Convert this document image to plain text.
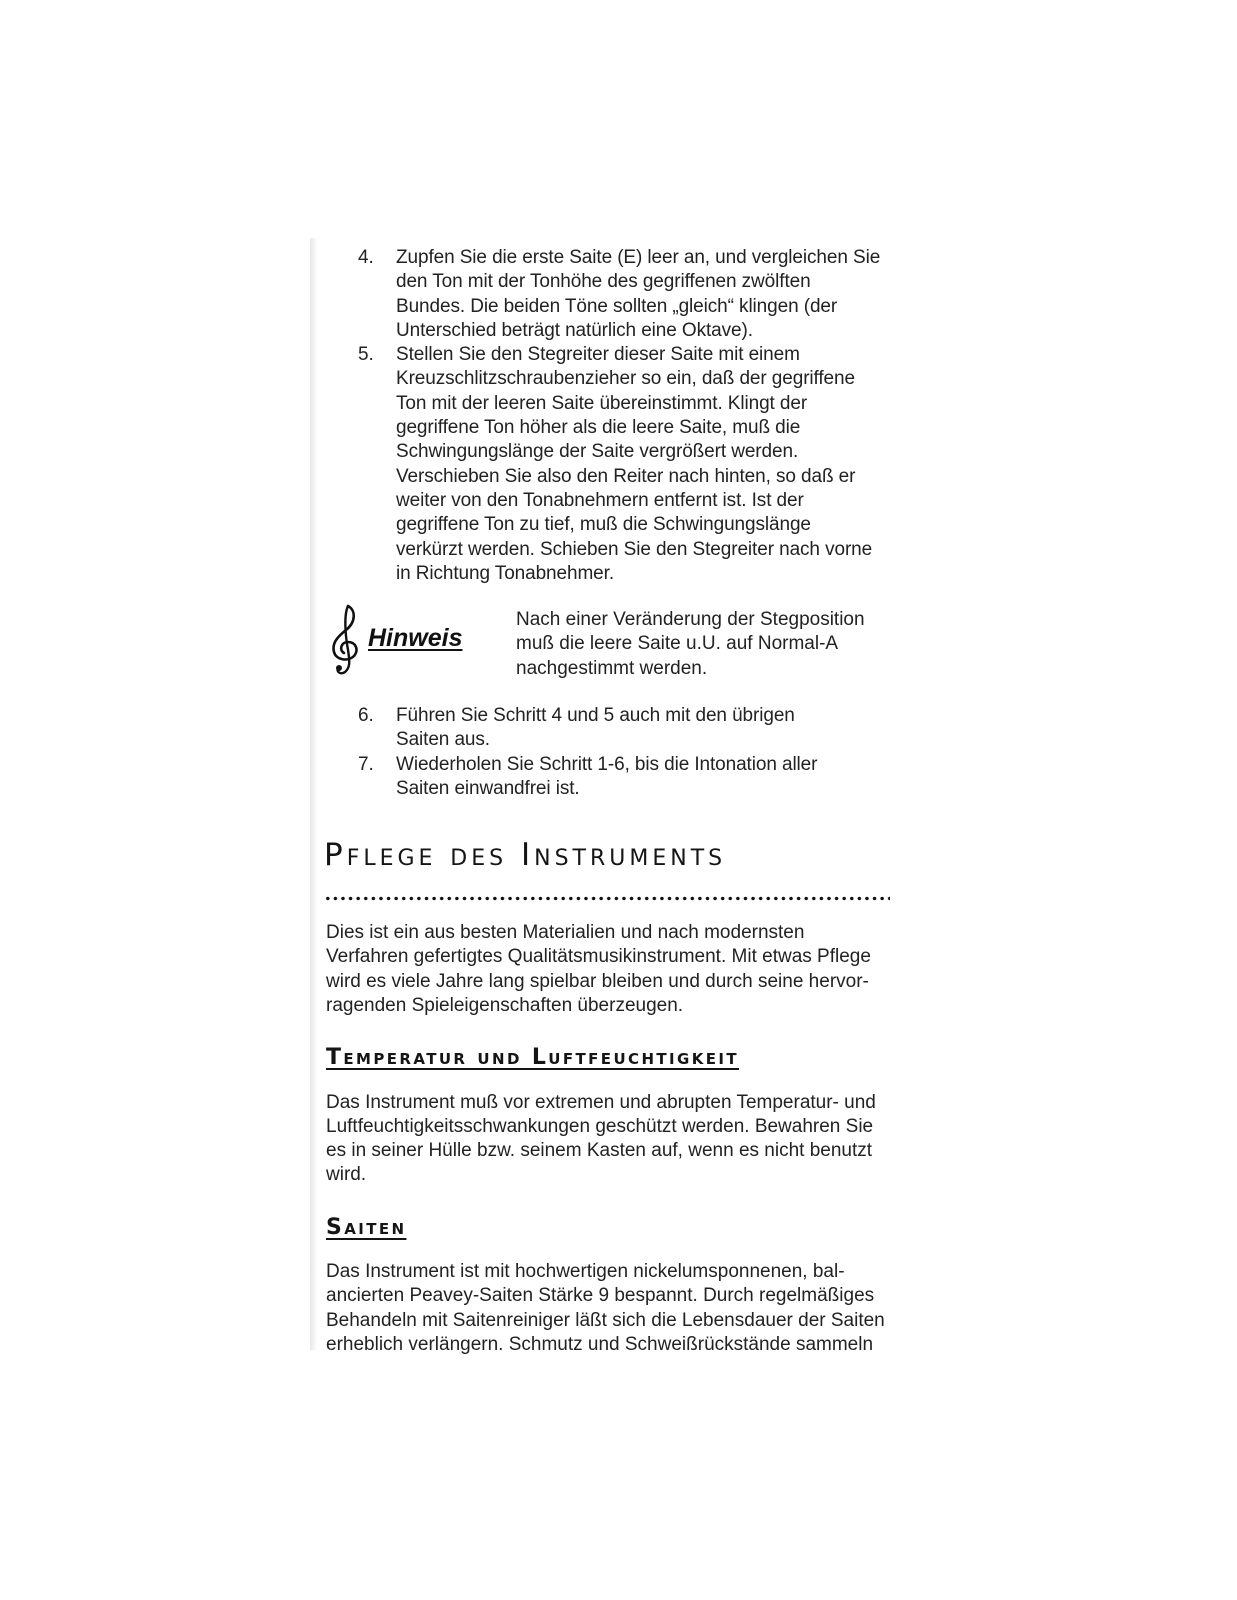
4. Zupfen Sie die erste Saite (E) leer an, und vergleichen Sie
den Ton mit der Tonhöhe des gegriffenen zwölften
Bundes. Die beiden Töne sollten „gleich“ klingen (der
Unterschied beträgt natürlich eine Oktave).
5. Stellen Sie den Stegreiter dieser Saite mit einem
Kreuzschlitzschraubenzieher so ein, daß der gegriffene
Ton mit der leeren Saite übereinstimmt. Klingt der
gegriffene Ton höher als die leere Saite, muß die
Schwingungslänge der Saite vergrößert werden.
Verschieben Sie also den Reiter nach hinten, so daß er
weiter von den Tonabnehmern entfernt ist. Ist der
gegriffene Ton zu tief, muß die Schwingungslänge
verkürzt werden. Schieben Sie den Stegreiter nach vorne
in Richtung Tonabnehmer.
Hinweis
Nach einer Veränderung der Stegposition
muß die leere Saite u.U. auf Normal-A
nachgestimmt werden.
6. Führen Sie Schritt 4 und 5 auch mit den übrigen
Saiten aus.
7. Wiederholen Sie Schritt 1-6, bis die Intonation aller
Saiten einwandfrei ist.
Pflege des Instruments

Dies ist ein aus besten Materialien und nach modernsten
Verfahren gefertigtes Qualitätsmusikinstrument. Mit etwas Pflege
wird es viele Jahre lang spielbar bleiben und durch seine hervor-
ragenden Spieleigenschaften überzeugen.

Temperatur und Luftfeuchtigkeit

Das Instrument muß vor extremen und abrupten Temperatur- und
Luftfeuchtigkeitsschwankungen geschützt werden. Bewahren Sie
es in seiner Hülle bzw. seinem Kasten auf, wenn es nicht benutzt
wird.

Saiten

Das Instrument ist mit hochwertigen nickelumsponnenen, bal-
ancierten Peavey-Saiten Stärke 9 bespannt. Durch regelmäßiges
Behandeln mit Saitenreiniger läßt sich die Lebensdauer der Saiten
erheblich verlängern. Schmutz und Schweißrückstände sammeln
